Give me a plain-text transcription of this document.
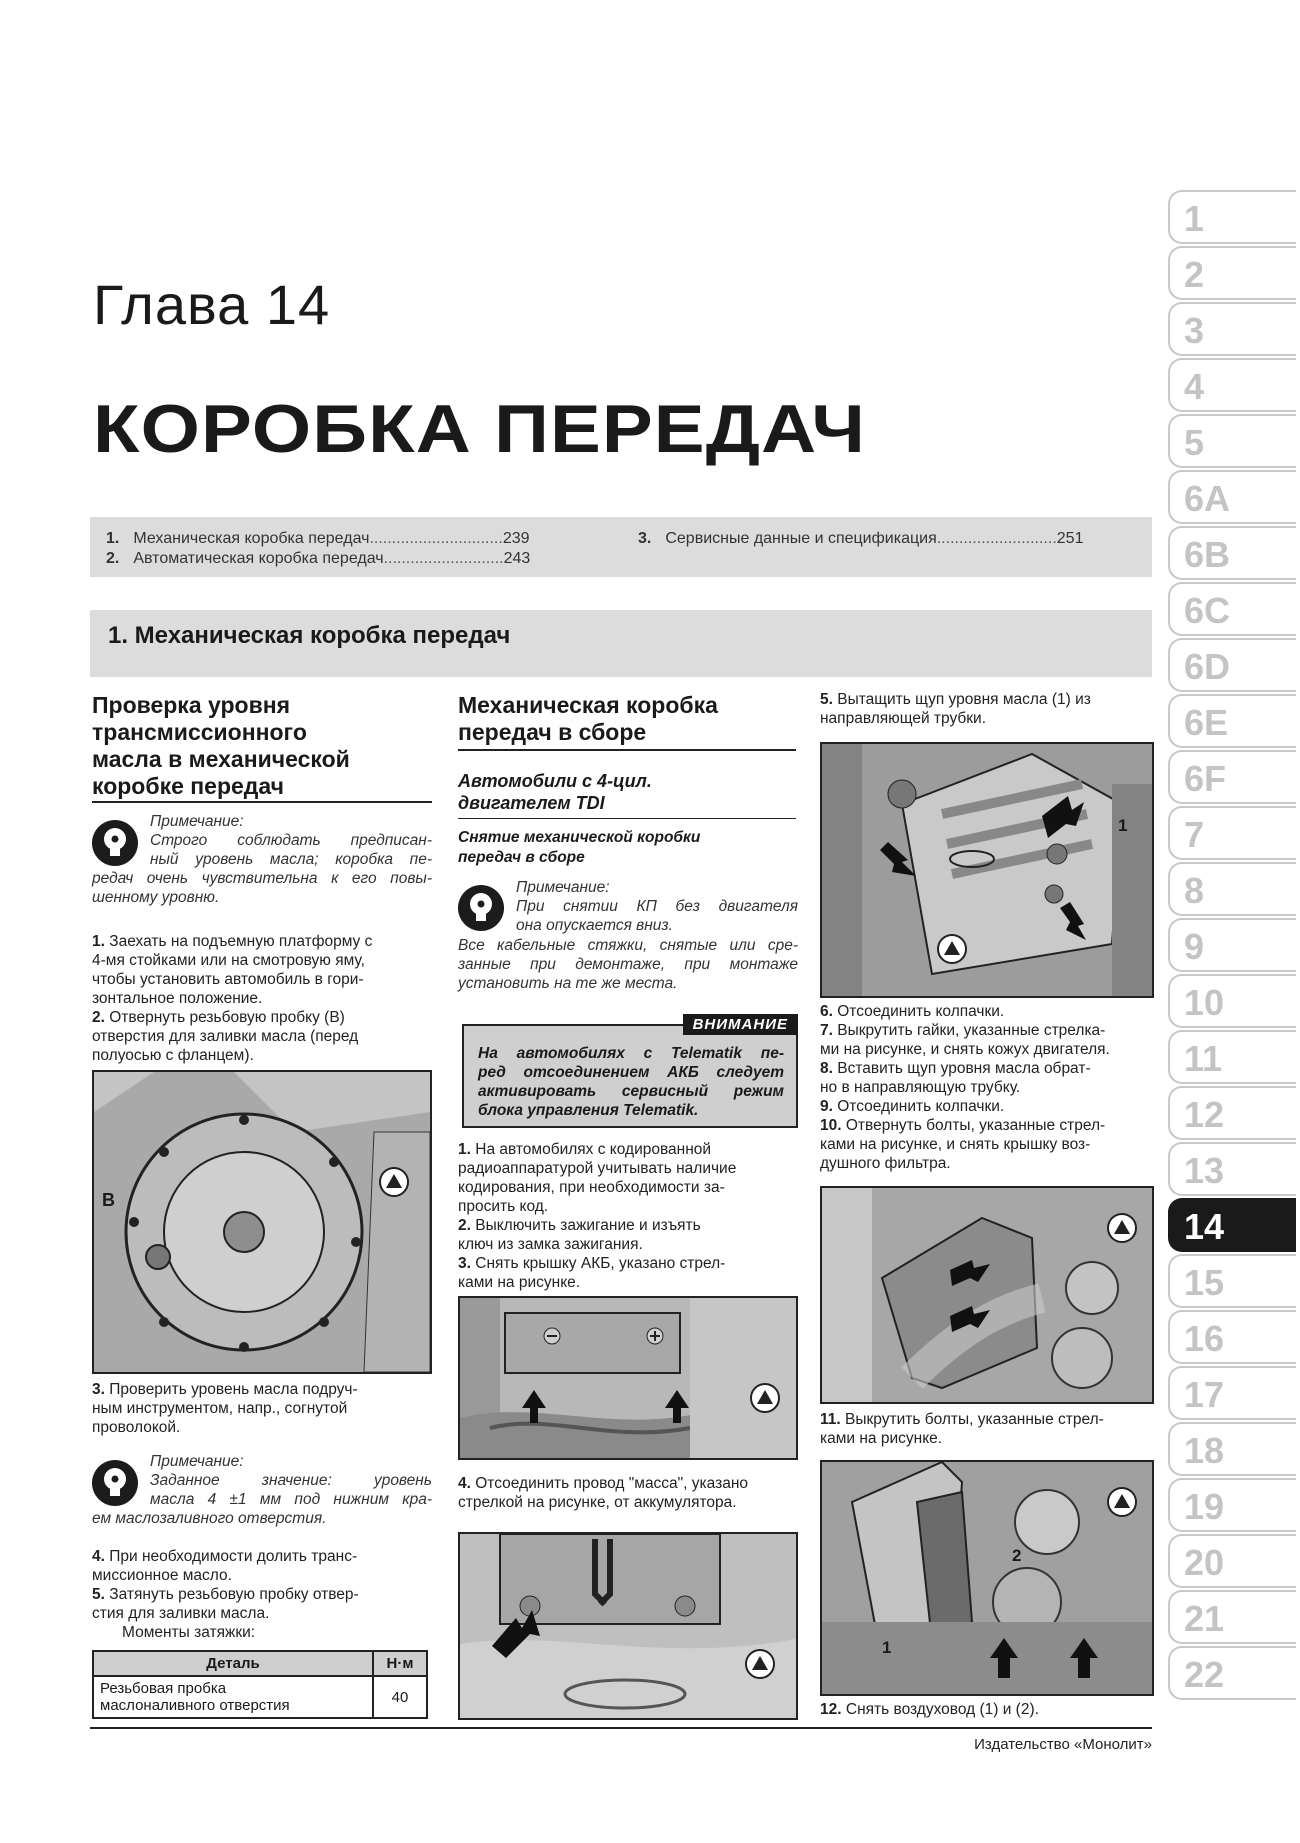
Глава 14
КОРОБКА ПЕРЕДАЧ
1. Механическая коробка передач..............................239
2. Автоматическая коробка передач...........................243
3. Сервисные данные и спецификация...........................251
1. Механическая коробка передач
Проверка уровня
трансмиссионного
масла в механической
коробке передач
Примечание:
Строго соблюдать предписан-
ный уровень масла; коробка пе-
редач очень чувствительна к его повы-
шенному уровню.
1. Заехать на подъемную платформу с
4-мя стойками или на смотровую яму,
чтобы установить автомобиль в гори-
зонтальное положение.
2. Отвернуть резьбовую пробку (B)
отверстия для заливки масла (перед
полуосью с фланцем).
B
3. Проверить уровень масла подруч-
ным инструментом, напр., согнутой
проволокой.
Примечание:
Заданное значение: уровень
масла 4 ±1 мм под нижним кра-
ем маслозаливного отверстия.
4. При необходимости долить транс-
миссионное масло.
5. Затянуть резьбовую пробку отвер-
стия для заливки масла.
Моменты затяжки:
Деталь	Н·м

Резьбовая пробка
маслоналивного отверстия	40
Механическая коробка
передач в сборе
Автомобили с 4-цил.
двигателем TDI
Снятие механической коробки
передач в сборе
Примечание:
При снятии КП без двигателя
она опускается вниз.
Все кабельные стяжки, снятые или сре-
занные при демонтаже, при монтаже
установить на те же места.
ВНИМАНИЕ
На автомобилях с Telematik пе-
ред отсоединением АКБ следует
активировать сервисный режим
блока управления Telematik.
1. На автомобилях с кодированной
радиоаппаратурой учитывать наличие
кодирования, при необходимости за-
просить код.
2. Выключить зажигание и изъять
ключ из замка зажигания.
3. Снять крышку АКБ, указано стрел-
ками на рисунке.
4. Отсоединить провод "масса", указано
стрелкой на рисунке, от аккумулятора.
5. Вытащить щуп уровня масла (1) из
направляющей трубки.
1
6. Отсоединить колпачки.
7. Выкрутить гайки, указанные стрелка-
ми на рисунке, и снять кожух двигателя.
8. Вставить щуп уровня масла обрат-
но в направляющую трубку.
9. Отсоединить колпачки.
10. Отвернуть болты, указанные стрел-
ками на рисунке, и снять крышку воз-
душного фильтра.
11. Выкрутить болты, указанные стрел-
ками на рисунке.
1
2
12. Снять воздуховод (1) и (2).
Издательство «Монолит»
1
2
3
4
5
6A
6B
6C
6D
6E
6F
7
8
9
10
11
12
13
14
15
16
17
18
19
20
21
22
